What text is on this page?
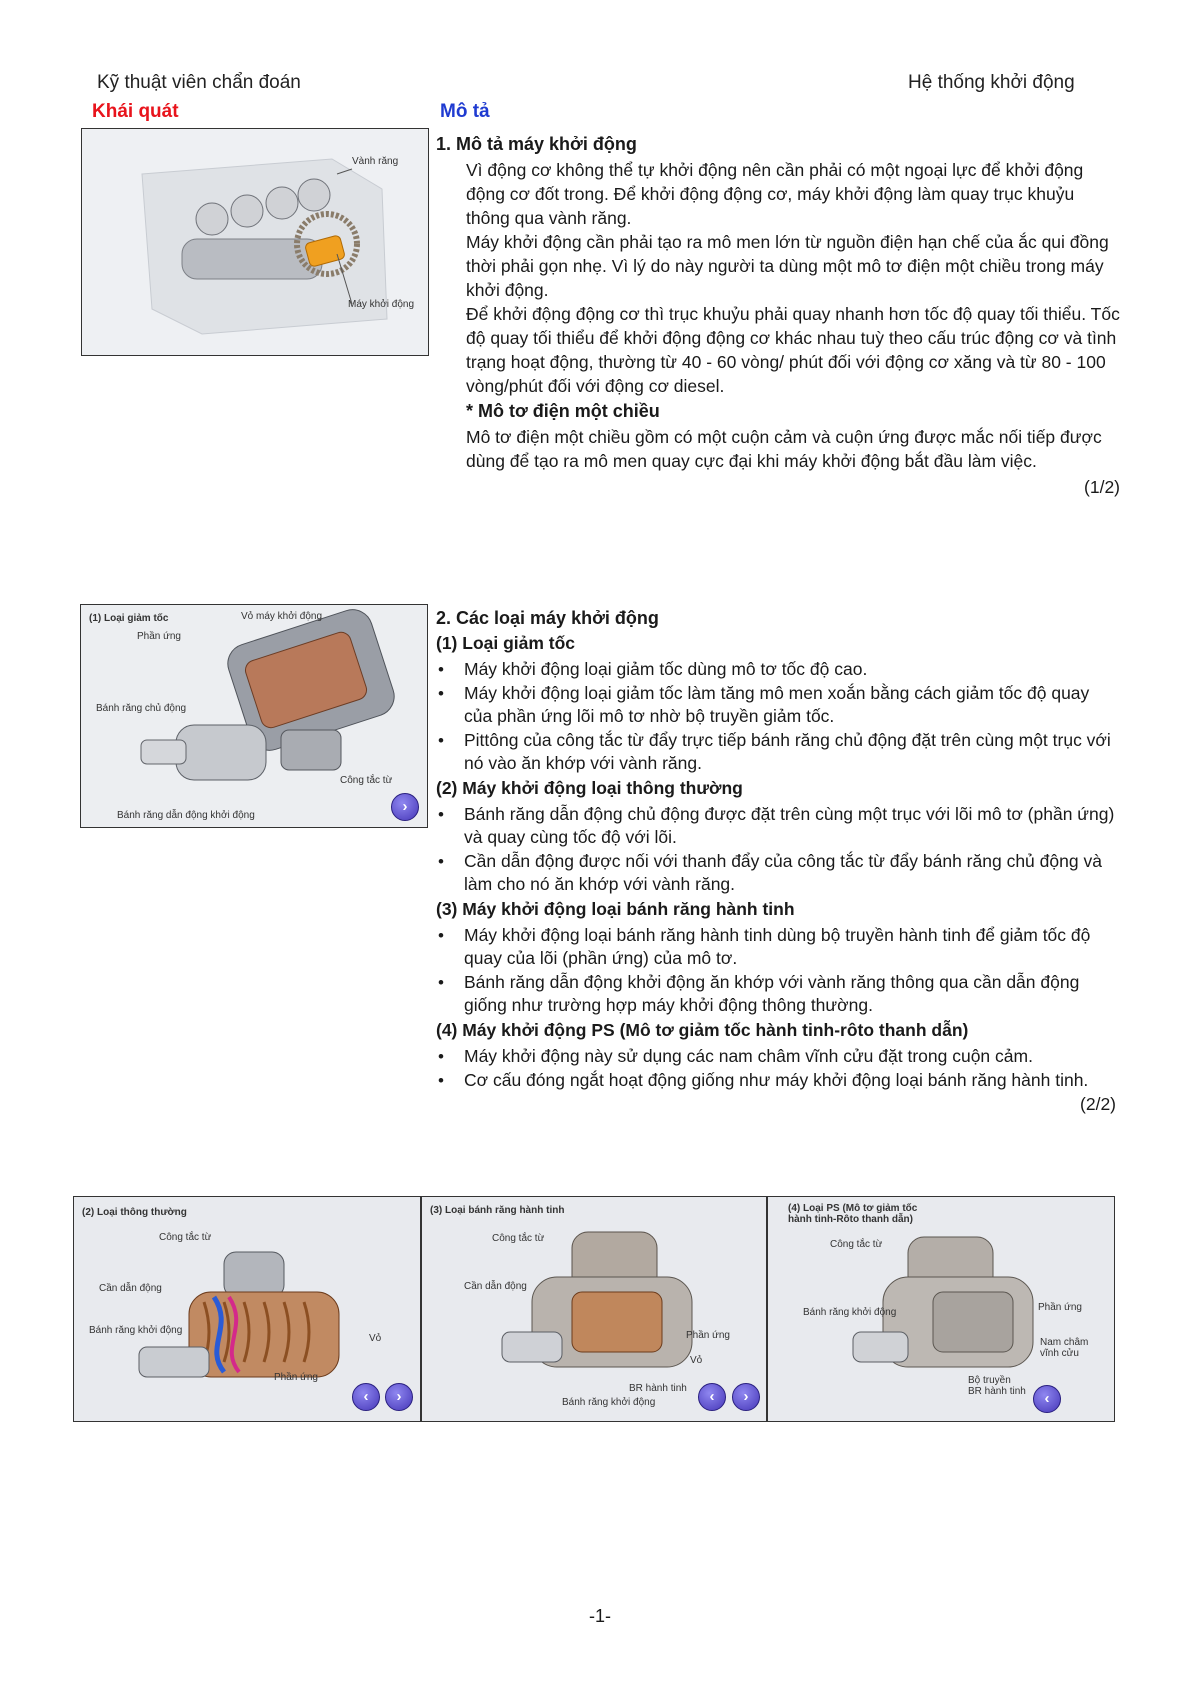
Kỹ thuật viên chẩn đoán	Hệ thống khởi động
Khái quát	Mô tả
Vành răng
Máy khởi động
1. Mô tả máy khởi động

Vì động cơ không thể tự khởi động nên cần phải có một ngoại lực để khởi động động cơ đốt trong. Để khởi động động cơ, máy khởi động làm quay trục khuỷu thông qua vành răng.

Máy khởi động cần phải tạo ra mô men lớn từ nguồn điện hạn chế của ắc qui đồng thời phải gọn nhẹ. Vì lý do này người ta dùng một mô tơ điện một chiều trong máy khởi động.

Để khởi động động cơ thì trục khuỷu phải quay nhanh hơn tốc độ quay tối thiểu. Tốc độ quay tối thiểu để khởi động động cơ khác nhau tuỳ theo cấu trúc động cơ và tình trạng hoạt động, thường từ 40 - 60 vòng/ phút đối với động cơ xăng và từ 80 - 100 vòng/phút đối với động cơ diesel.

* Mô tơ điện một chiều

Mô tơ điện một chiều gồm có một cuộn cảm và cuộn ứng được mắc nối tiếp được dùng để tạo ra mô men quay cực đại khi máy khởi động bắt đầu làm việc.

(1/2)
(1) Loại giảm tốc	Vỏ máy khởi động
Phần ứng
Bánh răng chủ động
Công tắc từ
Bánh răng dẫn động khởi động
›
2. Các loại máy khởi động
(1) Loại giảm tốc
• Máy khởi động loại giảm tốc dùng mô tơ tốc độ cao.
• Máy khởi động loại giảm tốc làm tăng mô men xoắn bằng cách giảm tốc độ quay của phần ứng lõi mô tơ nhờ bộ truyền giảm tốc.
• Pittông của công tắc từ đẩy trực tiếp bánh răng chủ động đặt trên cùng một trục với nó vào ăn khớp với vành răng.
(2) Máy khởi động loại thông thường
• Bánh răng dẫn động chủ động được đặt trên cùng một trục với lõi mô tơ (phần ứng) và quay cùng tốc độ với lõi.
• Cần dẫn động được nối với thanh đẩy của công tắc từ đẩy bánh răng chủ động và làm cho nó ăn khớp với vành răng.
(3) Máy khởi động loại bánh răng hành tinh
• Máy khởi động loại bánh răng hành tinh dùng bộ truyền hành tinh để giảm tốc độ quay của lõi (phần ứng) của mô tơ.
• Bánh răng dẫn động khởi động ăn khớp với vành răng thông qua cần dẫn động giống như trường hợp máy khởi động thông thường.
(4) Máy khởi động PS (Mô tơ giảm tốc hành tinh-rôto thanh dẫn)
• Máy khởi động này sử dụng các nam châm vĩnh cửu đặt trong cuộn cảm.
• Cơ cấu đóng ngắt hoạt động giống như máy khởi động loại bánh răng hành tinh.
(2/2)
(2) Loại thông thường
Công tắc từ
Cần dẫn động
Bánh răng khởi động
Vỏ
Phần ứng
‹	›
(3) Loại bánh răng hành tinh
Công tắc từ
Cần dẫn động
Phần ứng
Vỏ
BR hành tinh
Bánh răng khởi động	‹	›
(4) Loại PS (Mô tơ giảm tốc
hành tinh-Rôto thanh dẫn)
Công tắc từ
Bánh răng khởi động	Phần ứng
Nam châm
vĩnh cửu
Bộ truyền
BR hành tinh	‹
-1-
